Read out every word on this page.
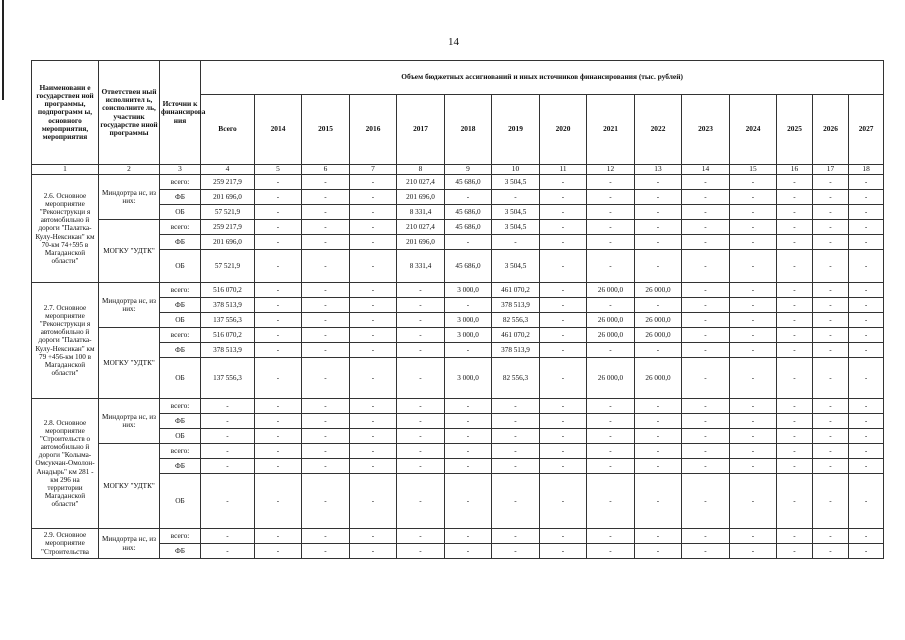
14
Наименовани е государствен ной программы, подпрограмм ы, основного мероприятия, мероприятия	Ответствен ный исполнител ь, соисполните ль, участник государстве нной программы	Источни к финансирова ния	Объем бюджетных ассигнований и иных источников финансирования (тыс. рублей)														
			Всего	2014	2015	2016	2017	2018	2019	2020	2021	2022	2023	2024	2025	2026	2027
1	2	3	4	5	6	7	8	9	10	11	12	13	14	15	16	17	18
2.6. Основное мероприятие "Реконструкци я автомобильно й дороги "Палатка-Кулу-Нексикан" км 70-км 74+595 в Магаданской области"	Миндортра нс, из них:	всего:	259 217,9	-	-	-	210 027,4	45 686,0	3 504,5	-	-	-	-	-	-	-	-
		ФБ	201 696,0	-	-	-	201 696,0	-	-	-	-	-	-	-	-	-	-
		ОБ	57 521,9	-	-	-	8 331,4	45 686,0	3 504,5	-	-	-	-	-	-	-	-
	МОГКУ "УДТК"	всего:	259 217,9	-	-	-	210 027,4	45 686,0	3 504,5	-	-	-	-	-	-	-	-
		ФБ	201 696,0	-	-	-	201 696,0	-	-	-	-	-	-	-	-	-	-
		ОБ	57 521,9	-	-	-	8 331,4	45 686,0	3 504,5	-	-	-	-	-	-	-	-
2.7. Основное мероприятие "Реконструкци я автомобильно й дороги "Палатка-Кулу-Нексикан" км 79 +456-км 100 в Магаданской области"	Миндортра нс, из них:	всего:	516 070,2	-	-	-	-	3 000,0	461 070,2	-	26 000,0	26 000,0	-	-	-	-	-
		ФБ	378 513,9	-	-	-	-	-	378 513,9	-	-	-	-	-	-	-	-
		ОБ	137 556,3	-	-	-	-	3 000,0	82 556,3	-	26 000,0	26 000,0	-	-	-	-	-
	МОГКУ "УДТК"	всего:	516 070,2	-	-	-	-	3 000,0	461 070,2	-	26 000,0	26 000,0	-	-	-	-	-
		ФБ	378 513,9	-	-	-	-	-	378 513,9	-	-	-	-	-	-	-	-
		ОБ	137 556,3	-	-	-	-	3 000,0	82 556,3	-	26 000,0	26 000,0	-	-	-	-	-
2.8. Основное мероприятие "Строительств о автомобильно й дороги "Колыма-Омсукчан-Омолон-Анадырь" км 281 - км 296 на территории Магаданской области"	Миндортра нс, из них:	всего:	-	-	-	-	-	-	-	-	-	-	-	-	-	-	-
		ФБ	-	-	-	-	-	-	-	-	-	-	-	-	-	-	-
		ОБ	-	-	-	-	-	-	-	-	-	-	-	-	-	-	-
	МОГКУ "УДТК"	всего:	-	-	-	-	-	-	-	-	-	-	-	-	-	-	-
		ФБ	-	-	-	-	-	-	-	-	-	-	-	-	-	-	-
		ОБ	-	-	-	-	-	-	-	-	-	-	-	-	-	-	-
2.9. Основное мероприятие "Строительства	Миндортра нс, из них:	всего:	-	-	-	-	-	-	-	-	-	-	-	-	-	-	-
		ФБ	-	-	-	-	-	-	-	-	-	-	-	-	-	-	-
